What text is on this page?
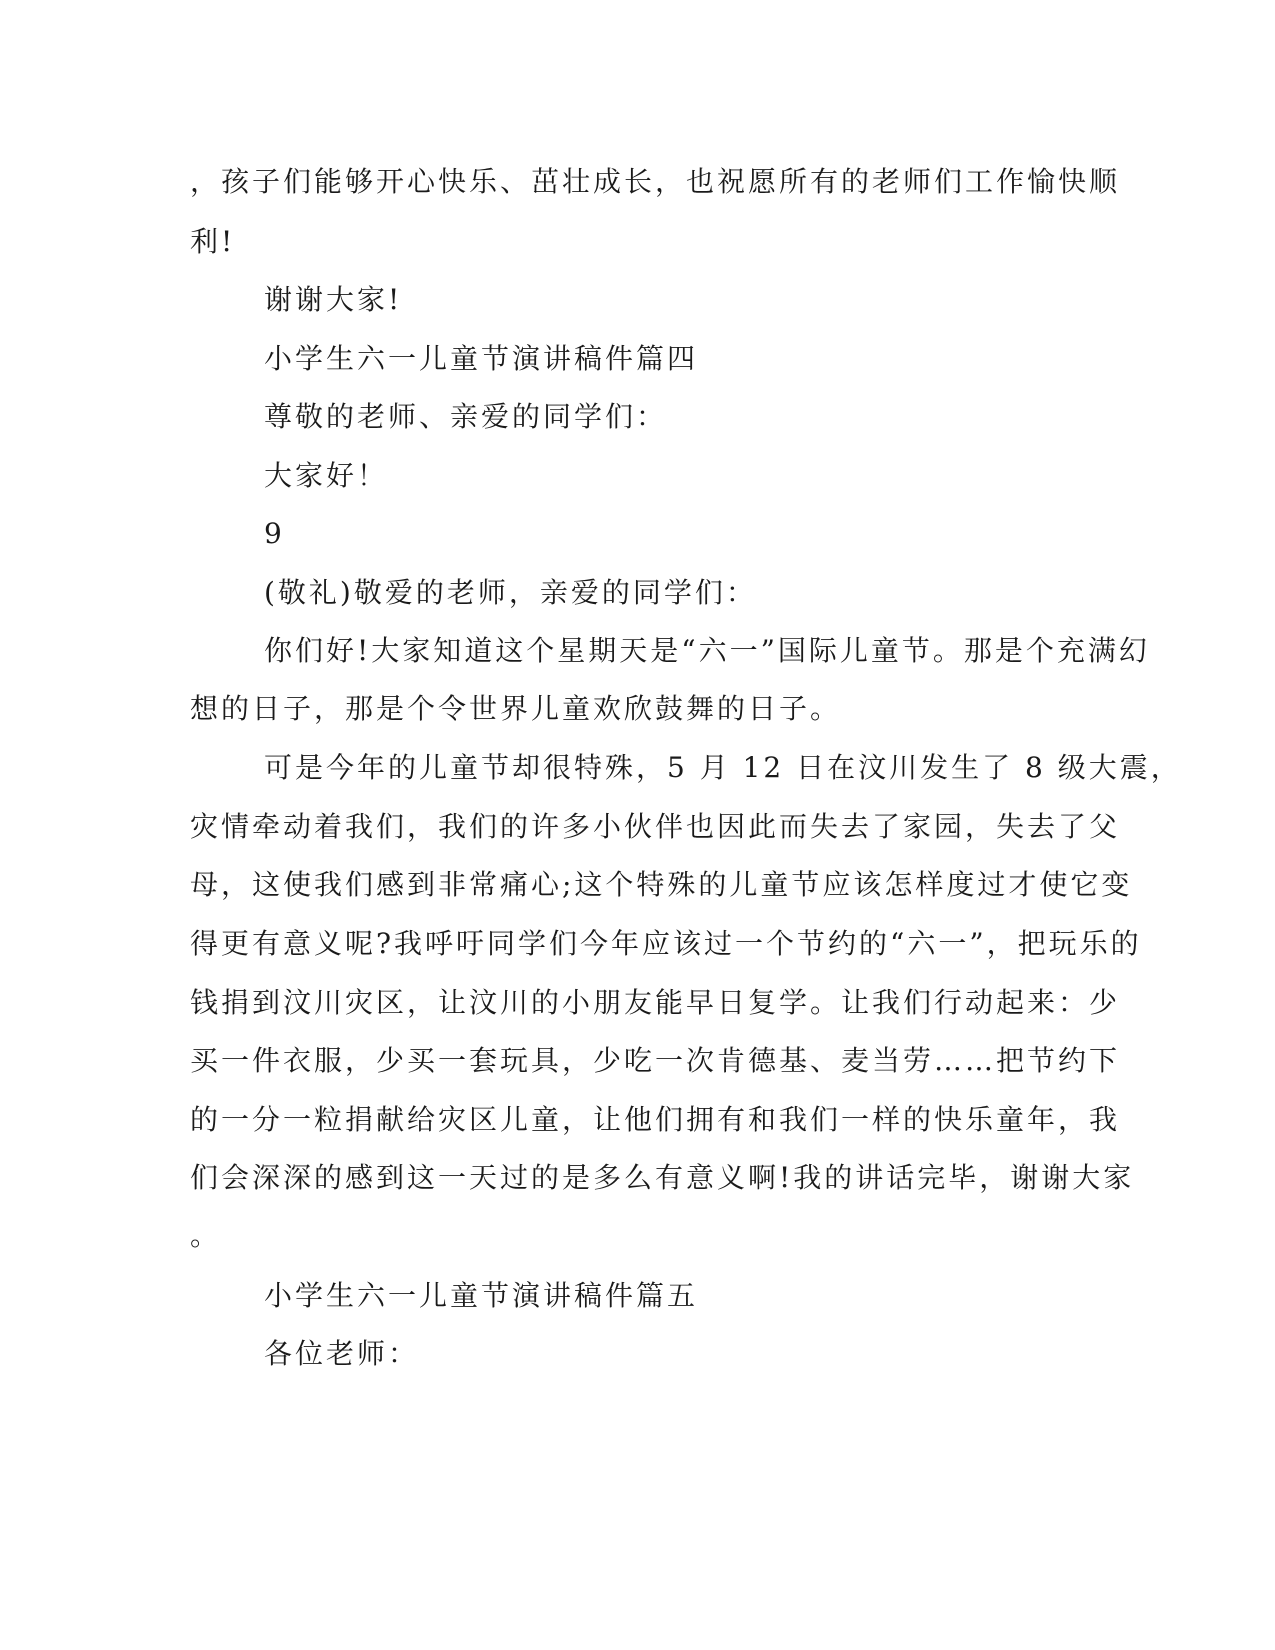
，孩子们能够开心快乐、茁壮成长，也祝愿所有的老师们工作愉快顺
利!
谢谢大家!
小学生六一儿童节演讲稿件篇四
尊敬的老师、亲爱的同学们：
大家好！
9
(敬礼)敬爱的老师，亲爱的同学们：
你们好!大家知道这个星期天是“六一”国际儿童节。那是个充满幻
想的日子，那是个令世界儿童欢欣鼓舞的日子。
可是今年的儿童节却很特殊，5 月 12 日在汶川发生了 8 级大震，
灾情牵动着我们，我们的许多小伙伴也因此而失去了家园，失去了父
母，这使我们感到非常痛心;这个特殊的儿童节应该怎样度过才使它变
得更有意义呢?我呼吁同学们今年应该过一个节约的“六一”，把玩乐的
钱捐到汶川灾区，让汶川的小朋友能早日复学。让我们行动起来：少
买一件衣服，少买一套玩具，少吃一次肯德基、麦当劳……把节约下
的一分一粒捐献给灾区儿童，让他们拥有和我们一样的快乐童年，我
们会深深的感到这一天过的是多么有意义啊!我的讲话完毕，谢谢大家
。
小学生六一儿童节演讲稿件篇五
各位老师：
